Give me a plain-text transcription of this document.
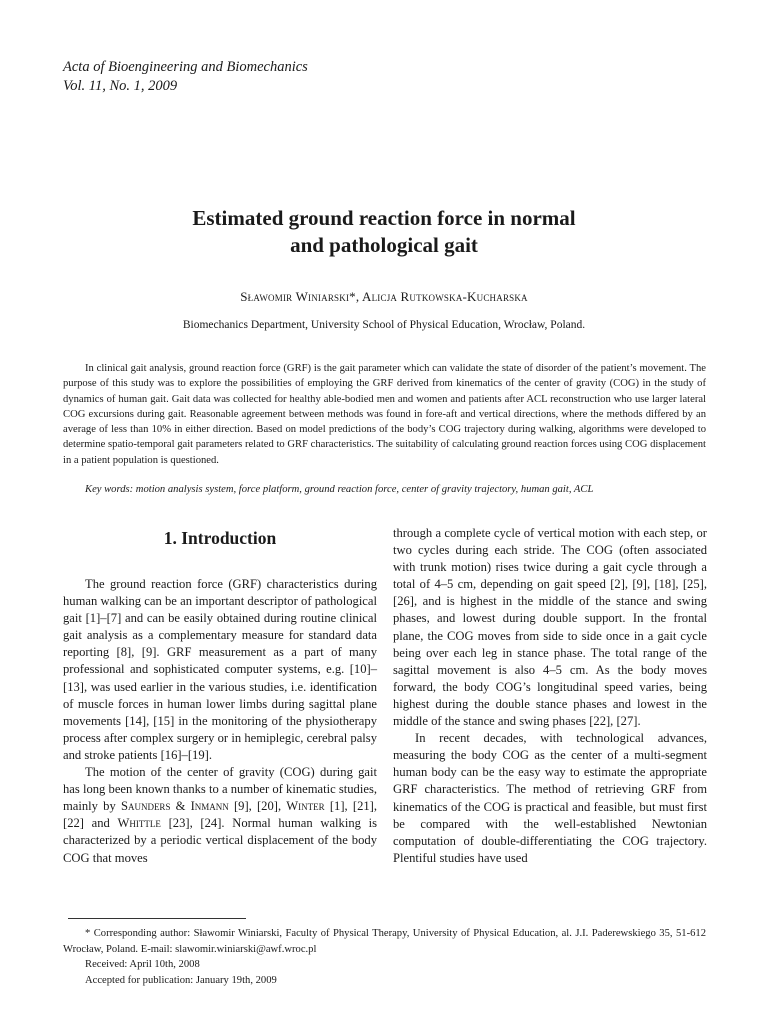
Acta of Bioengineering and Biomechanics
Vol. 11, No. 1, 2009
Estimated ground reaction force in normal
and pathological gait
Sławomir Winiarski*, Alicja Rutkowska-Kucharska
Biomechanics Department, University School of Physical Education, Wrocław, Poland.

In clinical gait analysis, ground reaction force (GRF) is the gait parameter which can validate the state of disorder of the patient’s movement. The purpose of this study was to explore the possibilities of employing the GRF derived from kinematics of the center of gravity (COG) in the study of dynamics of human gait. Gait data was collected for healthy able-bodied men and women and patients after ACL reconstruction who use larger lateral COG excursions during gait. Reasonable agreement between methods was found in fore-aft and vertical directions, where the methods differed by an average of less than 10% in either direction. Based on model predictions of the body’s COG trajectory during walking, algorithms were developed to determine spatio-temporal gait parameters related to GRF characteristics. The suitability of calculating ground reaction forces using COG displacement in a patient population is questioned.

Key words: motion analysis system, force platform, ground reaction force, center of gravity trajectory, human gait, ACL

1. Introduction

The ground reaction force (GRF) characteristics during human walking can be an important descriptor of pathological gait [1]–[7] and can be easily obtained during routine clinical gait analysis as a complementary measure for standard data reporting [8], [9]. GRF measurement as a part of many professional and sophisticated computer systems, e.g. [10]–[13], was used earlier in the various studies, i.e. identification of muscle forces in human lower limbs during sagittal plane movements [14], [15] in the monitoring of the physiotherapy process after complex surgery or in hemiplegic, cerebral palsy and stroke patients [16]–[19].

The motion of the center of gravity (COG) during gait has long been known thanks to a number of kinematic studies, mainly by Saunders & Inmann [9], [20], Winter [1], [21], [22] and Whittle [23], [24]. Normal human walking is characterized by a periodic vertical displacement of the body COG that moves

through a complete cycle of vertical motion with each step, or two cycles during each stride. The COG (often associated with trunk motion) rises twice during a gait cycle through a total of 4–5 cm, depending on gait speed [2], [9], [18], [25], [26], and is highest in the middle of the stance and swing phases, and lowest during double support. In the frontal plane, the COG moves from side to side once in a gait cycle being over each leg in stance phase. The total range of the sagittal movement is also 4–5 cm. As the body moves forward, the body COG’s longitudinal speed varies, being highest during the double stance phases and lowest in the middle of the stance and swing phases [22], [27].

In recent decades, with technological advances, measuring the body COG as the center of a multi-segment human body can be the easy way to estimate the appropriate GRF characteristics. The method of retrieving GRF from kinematics of the COG is practical and feasible, but must first be compared with the well-established Newtonian computation of double-differentiating the COG trajectory. Plentiful studies have used

* Corresponding author: Sławomir Winiarski, Faculty of Physical Therapy, University of Physical Education, al. J.I. Paderewskiego 35, 51-612 Wrocław, Poland. E-mail: slawomir.winiarski@awf.wroc.pl

Received: April 10th, 2008
Accepted for publication: January 19th, 2009
